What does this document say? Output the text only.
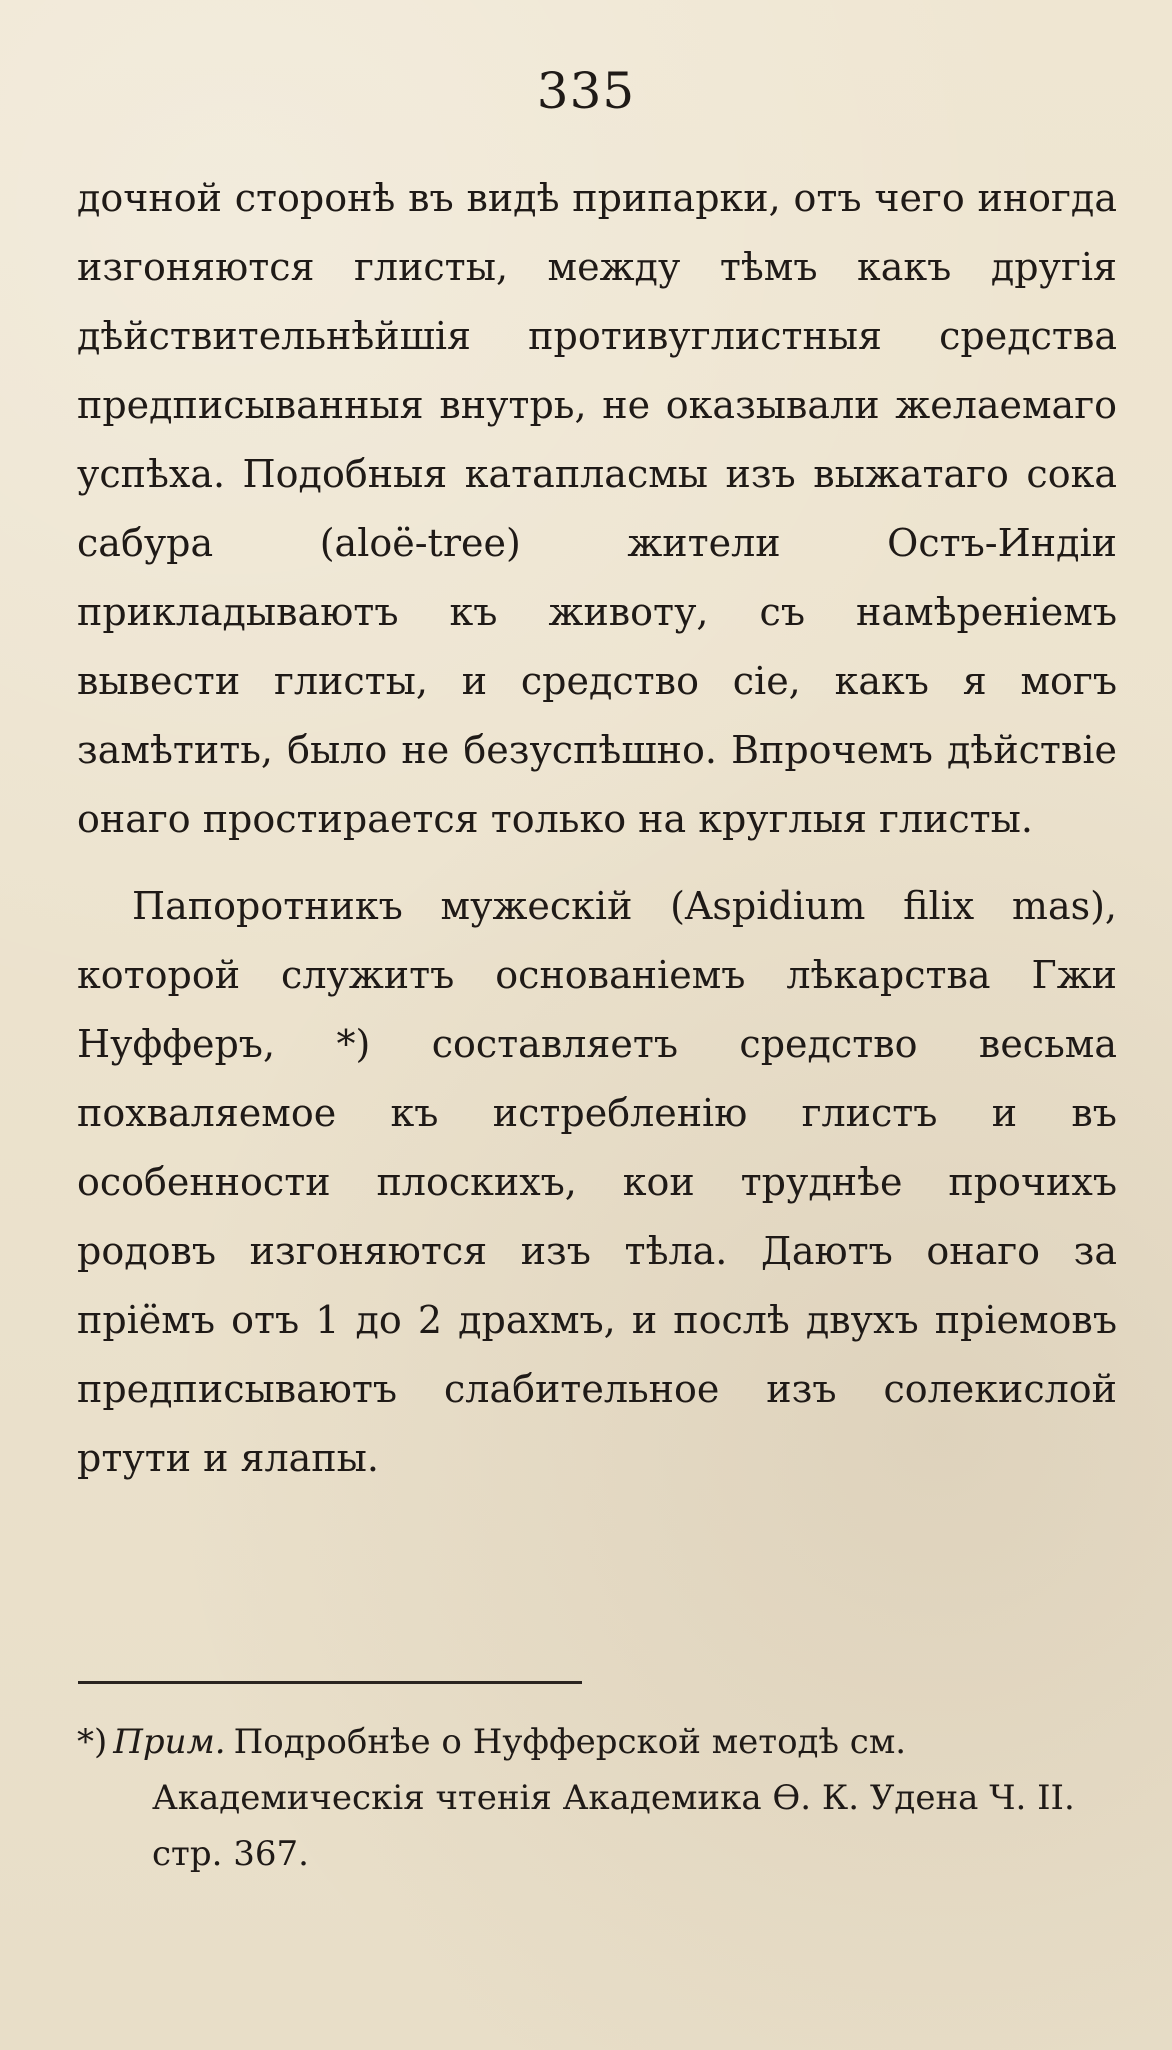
335

дочной сторонѣ въ видѣ припарки, отъ чего иногда изгоняются глисты, между тѣмъ какъ другія дѣйствительнѣйшія противуглистныя средства предписыванныя внутрь, не оказывали желаемаго успѣха. Подобныя катапласмы изъ выжатаго сока сабура (aloë-tree) жители Остъ-Индіи прикладываютъ къ животу, съ намѣреніемъ вывести глисты, и средство сіе, какъ я могъ замѣтить, было не безуспѣшно. Впрочемъ дѣйствіе онаго простирается только на круглыя глисты.

Папоротникъ мужескій (Aspidium filix mas), которой служитъ основаніемъ лѣкарства Гжи Нуфферъ, *) составляетъ средство весьма похваляемое къ истребленію глистъ и въ особенности плоскихъ, кои труднѣе прочихъ родовъ изгоняются изъ тѣла. Даютъ онаго за пріёмъ отъ 1 до 2 драхмъ, и послѣ двухъ пріемовъ предписываютъ слабительное изъ солекислой ртути и ялапы.

*) Прим. Подробнѣе о Нуфферской методѣ см.
Академическія чтенія Академика Ѳ. К. Удена Ч. II. стр. 367.
